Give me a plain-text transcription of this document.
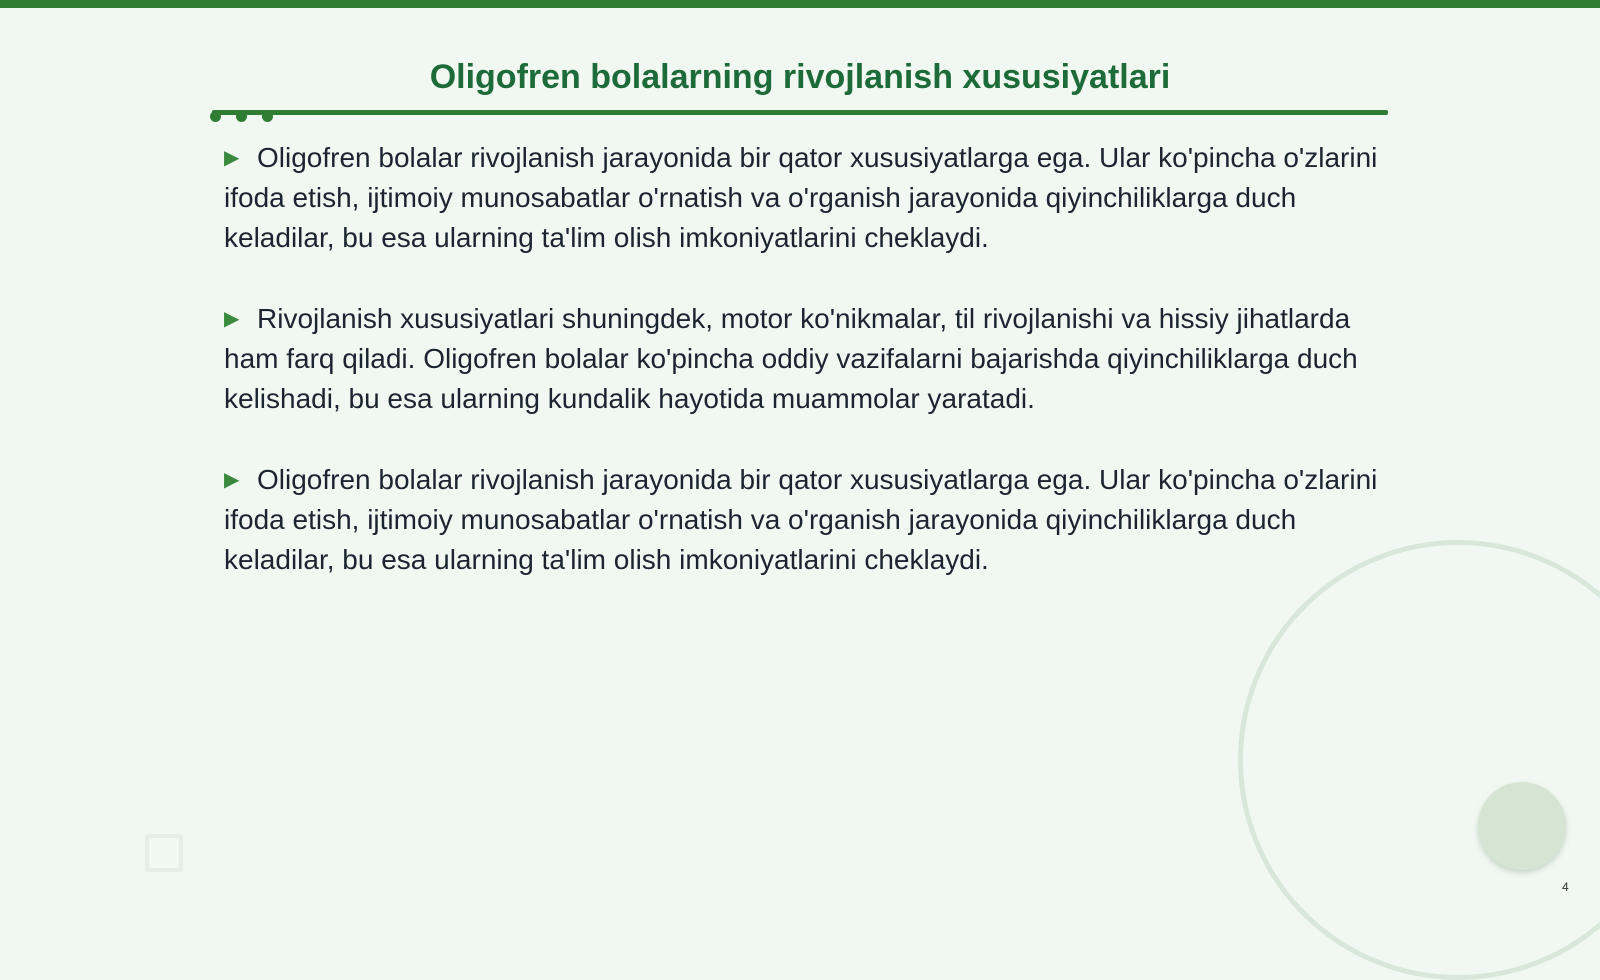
Oligofren bolalarning rivojlanish xususiyatlari
▶ Oligofren bolalar rivojlanish jarayonida bir qator xususiyatlarga ega. Ular ko'pincha o'zlarini ifoda etish, ijtimoiy munosabatlar o'rnatish va o'rganish jarayonida qiyinchiliklarga duch keladilar, bu esa ularning ta'lim olish imkoniyatlarini cheklaydi.
▶ Rivojlanish xususiyatlari shuningdek, motor ko'nikmalar, til rivojlanishi va hissiy jihatlarda ham farq qiladi. Oligofren bolalar ko'pincha oddiy vazifalarni bajarishda qiyinchiliklarga duch kelishadi, bu esa ularning kundalik hayotida muammolar yaratadi.
▶ Oligofren bolalar rivojlanish jarayonida bir qator xususiyatlarga ega. Ular ko'pincha o'zlarini ifoda etish, ijtimoiy munosabatlar o'rnatish va o'rganish jarayonida qiyinchiliklarga duch keladilar, bu esa ularning ta'lim olish imkoniyatlarini cheklaydi.
4
